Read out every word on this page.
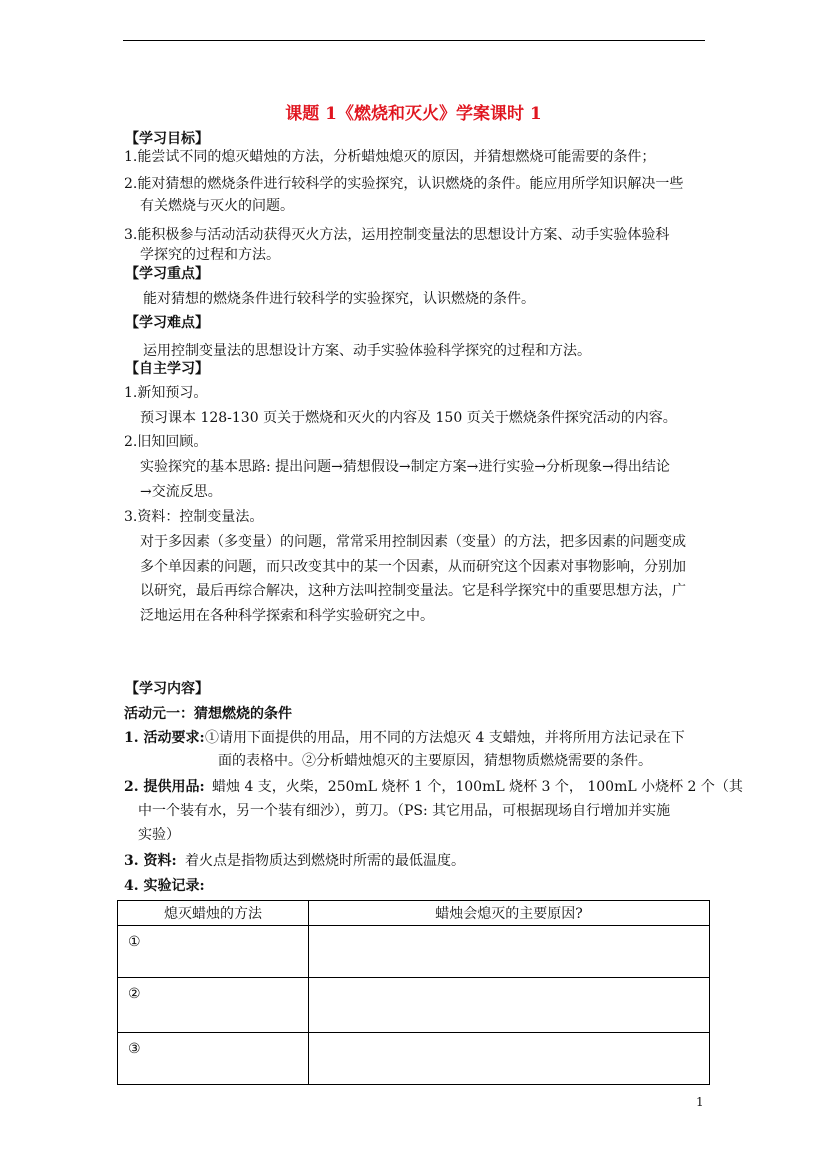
课题 1《燃烧和灭火》学案课时 1
【学习目标】
1.能尝试不同的熄灭蜡烛的方法，分析蜡烛熄灭的原因，并猜想燃烧可能需要的条件；
2.能对猜想的燃烧条件进行较科学的实验探究，认识燃烧的条件。能应用所学知识解决一些
有关燃烧与灭火的问题。
3.能积极参与活动活动获得灭火方法，运用控制变量法的思想设计方案、动手实验体验科
学探究的过程和方法。
【学习重点】
能对猜想的燃烧条件进行较科学的实验探究，认识燃烧的条件。
【学习难点】
运用控制变量法的思想设计方案、动手实验体验科学探究的过程和方法。
【自主学习】
1.新知预习。
预习课本 128-130 页关于燃烧和灭火的内容及 150 页关于燃烧条件探究活动的内容。
2.旧知回顾。
实验探究的基本思路: 提出问题→猜想假设→制定方案→进行实验→分析现象→得出结论
→交流反思。
3.资料：控制变量法。
对于多因素（多变量）的问题，常常采用控制因素（变量）的方法，把多因素的问题变成
多个单因素的问题，而只改变其中的某一个因素，从而研究这个因素对事物影响，分别加
以研究，最后再综合解决，这种方法叫控制变量法。它是科学探究中的重要思想方法，广
泛地运用在各种科学探索和科学实验研究之中。
【学习内容】
活动元一：猜想燃烧的条件
1. 活动要求: ①请用下面提供的用品，用不同的方法熄灭 4 支蜡烛，并将所用方法记录在下
面的表格中。②分析蜡烛熄灭的主要原因，猜想物质燃烧需要的条件。
2. 提供用品: 蜡烛 4 支，火柴，250mL 烧杯 1 个，100mL 烧杯 3 个， 100mL 小烧杯 2 个（其
中一个装有水，另一个装有细沙），剪刀。（PS: 其它用品，可根据现场自行增加并实施
实验）
3. 资料: 着火点是指物质达到燃烧时所需的最低温度。
4. 实验记录:
熄灭蜡烛的方法	蜡烛会熄灭的主要原因?
①	
②	
③	
1
